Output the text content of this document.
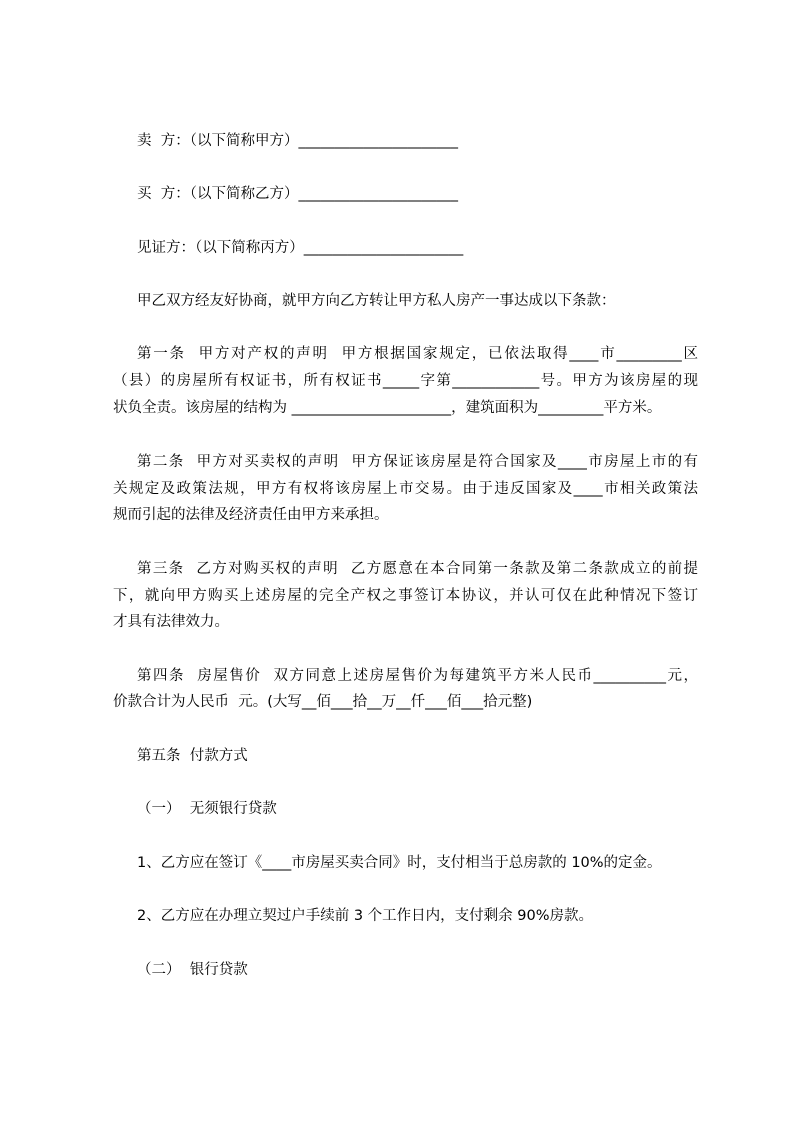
卖  方：（以下简称甲方）______________________
买  方：（以下简称乙方）______________________
见证方：（以下简称丙方）______________________
甲乙双方经友好协商，就甲方向乙方转让甲方私人房产一事达成以下条款：
第一条  甲方对产权的声明  甲方根据国家规定，已依法取得____市_________区
（县）的房屋所有权证书，所有权证书_____字第____________号。甲方为该房屋的现
状负全责。该房屋的结构为 ______________________，建筑面积为_________平方米。
第二条  甲方对买卖权的声明  甲方保证该房屋是符合国家及____市房屋上市的有
关规定及政策法规，甲方有权将该房屋上市交易。由于违反国家及____市相关政策法
规而引起的法律及经济责任由甲方来承担。
第三条  乙方对购买权的声明  乙方愿意在本合同第一条款及第二条款成立的前提
下，就向甲方购买上述房屋的完全产权之事签订本协议，并认可仅在此种情况下签订
才具有法律效力。
第四条  房屋售价  双方同意上述房屋售价为每建筑平方米人民币__________元，
价款合计为人民币  元。(大写__佰___拾__万__仟___佰___拾元整)
第五条  付款方式
（一）  无须银行贷款
1、乙方应在签订《____市房屋买卖合同》时，支付相当于总房款的 10%的定金。
2、乙方应在办理立契过户手续前 3 个工作日内，支付剩余 90%房款。
（二）  银行贷款
